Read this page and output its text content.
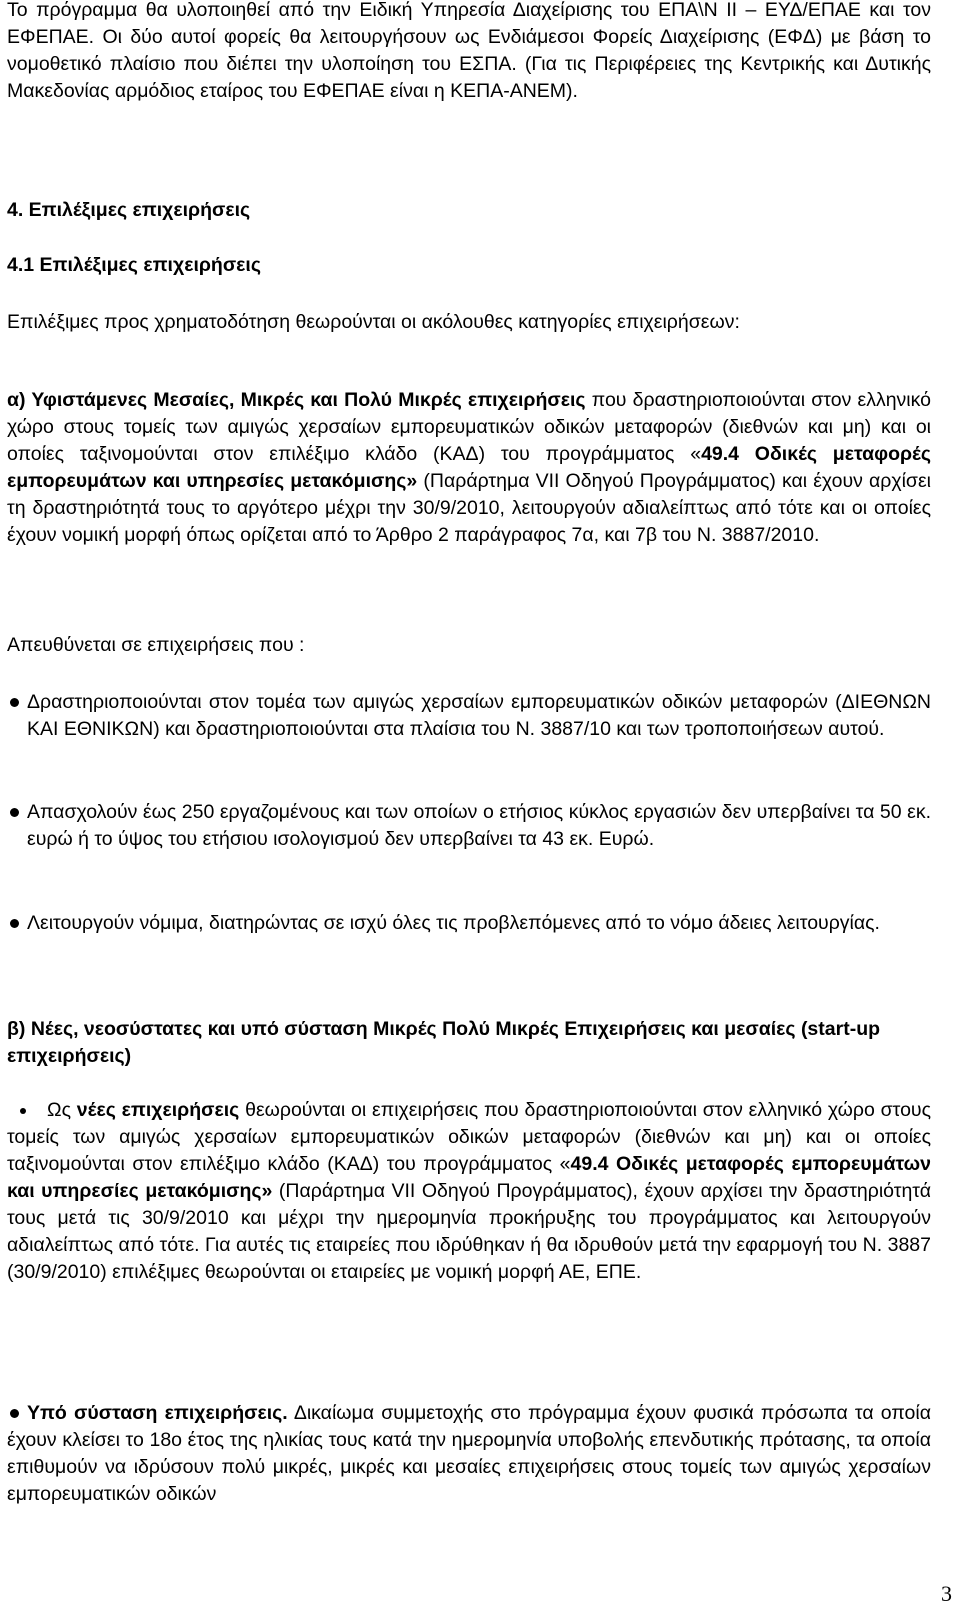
Το πρόγραμμα θα υλοποιηθεί από την Ειδική Υπηρεσία Διαχείρισης του ΕΠΑ\Ν ΙΙ – ΕΥΔ/ΕΠΑΕ και τον ΕΦΕΠΑΕ. Οι δύο αυτοί φορείς θα λειτουργήσουν ως Ενδιάμεσοι Φορείς Διαχείρισης (ΕΦΔ) με βάση το νομοθετικό πλαίσιο που διέπει την υλοποίηση του ΕΣΠΑ. (Για τις Περιφέρειες της Κεντρικής και Δυτικής Μακεδονίας αρμόδιος εταίρος του ΕΦΕΠΑΕ είναι η ΚΕΠΑ-ΑΝΕΜ).

4. Επιλέξιμες επιχειρήσεις

4.1 Επιλέξιμες επιχειρήσεις

Επιλέξιμες προς χρηματοδότηση θεωρούνται οι ακόλουθες κατηγορίες επιχειρήσεων:

α) Υφιστάμενες Μεσαίες, Μικρές και Πολύ Μικρές επιχειρήσεις που δραστηριοποιούνται στον ελληνικό χώρο στους τομείς των αμιγώς χερσαίων εμπορευματικών οδικών μεταφορών (διεθνών και μη) και οι οποίες ταξινομούνται στον επιλέξιμο κλάδο (ΚΑΔ) του προγράμματος «49.4 Οδικές μεταφορές εμπορευμάτων και υπηρεσίες μετακόμισης» (Παράρτημα VII Οδηγού Προγράμματος) και έχουν αρχίσει τη δραστηριότητά τους το αργότερο μέχρι την 30/9/2010, λειτουργούν αδιαλείπτως από τότε και οι οποίες έχουν νομική μορφή όπως ορίζεται από το Άρθρο 2 παράγραφος 7α, και 7β του Ν. 3887/2010.

Απευθύνεται σε επιχειρήσεις που :

Δραστηριοποιούνται στον τομέα των αμιγώς χερσαίων εμπορευματικών οδικών μεταφορών (ΔΙΕΘΝΩΝ ΚΑΙ ΕΘΝΙΚΩΝ) και δραστηριοποιούνται στα πλαίσια του Ν. 3887/10 και των τροποποιήσεων αυτού.
Απασχολούν έως 250 εργαζομένους και των οποίων ο ετήσιος κύκλος εργασιών δεν υπερβαίνει τα 50 εκ. ευρώ ή το ύψος του ετήσιου ισολογισμού δεν υπερβαίνει τα 43 εκ. Ευρώ.
Λειτουργούν νόμιμα, διατηρώντας σε ισχύ όλες τις προβλεπόμενες από το νόμο άδειες λειτουργίας.

β) Νέες, νεοσύστατες και υπό σύσταση Μικρές Πολύ Μικρές Επιχειρήσεις και μεσαίες (start-up επιχειρήσεις)

Ως νέες επιχειρήσεις θεωρούνται οι επιχειρήσεις που δραστηριοποιούνται στον ελληνικό χώρο στους τομείς των αμιγώς χερσαίων εμπορευματικών οδικών μεταφορών (διεθνών και μη) και οι οποίες ταξινομούνται στον επιλέξιμο κλάδο (ΚΑΔ) του προγράμματος «49.4 Οδικές μεταφορές εμπορευμάτων και υπηρεσίες μετακόμισης» (Παράρτημα VII Οδηγού Προγράμματος), έχουν αρχίσει την δραστηριότητά τους μετά τις 30/9/2010 και μέχρι την ημερομηνία προκήρυξης του προγράμματος και λειτουργούν αδιαλείπτως από τότε. Για αυτές τις εταιρείες που ιδρύθηκαν ή θα ιδρυθούν μετά την εφαρμογή του Ν. 3887 (30/9/2010) επιλέξιμες θεωρούνται οι εταιρείες με νομική μορφή ΑΕ, ΕΠΕ.

Υπό σύσταση επιχειρήσεις. Δικαίωμα συμμετοχής στο πρόγραμμα έχουν φυσικά πρόσωπα τα οποία έχουν κλείσει το 18ο έτος της ηλικίας τους κατά την ημερομηνία υποβολής επενδυτικής πρότασης, τα οποία επιθυμούν να ιδρύσουν πολύ μικρές, μικρές και μεσαίες επιχειρήσεις στους τομείς των αμιγώς χερσαίων εμπορευματικών οδικών

3
